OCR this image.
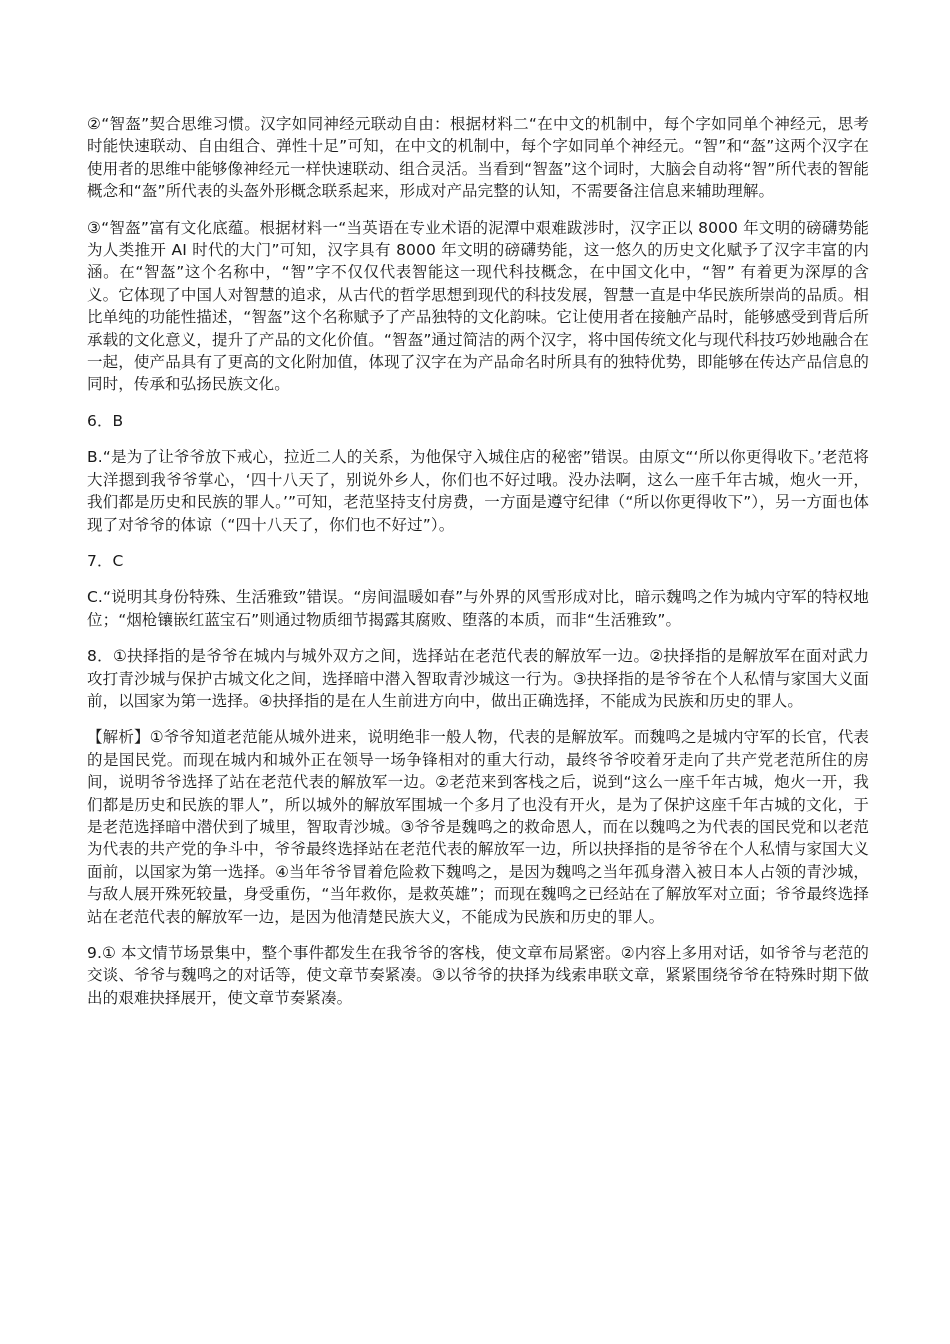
②“智盔”契合思维习惯。汉字如同神经元联动自由：根据材料二“在中文的机制中，每个字如同单个神经元，思考时能快速联动、自由组合、弹性十足”可知，在中文的机制中，每个字如同单个神经元。“智”和“盔”这两个汉字在使用者的思维中能够像神经元一样快速联动、组合灵活。当看到“智盔”这个词时，大脑会自动将“智”所代表的智能概念和“盔”所代表的头盔外形概念联系起来，形成对产品完整的认知，不需要备注信息来辅助理解。

③“智盔”富有文化底蕴。根据材料一“当英语在专业术语的泥潭中艰难跋涉时，汉字正以 8000 年文明的磅礴势能为人类推开 AI 时代的大门”可知，汉字具有 8000 年文明的磅礴势能，这一悠久的历史文化赋予了汉字丰富的内涵。在“智盔”这个名称中，“智”字不仅仅代表智能这一现代科技概念，在中国文化中，“智” 有着更为深厚的含义。它体现了中国人对智慧的追求，从古代的哲学思想到现代的科技发展，智慧一直是中华民族所崇尚的品质。相比单纯的功能性描述，“智盔”这个名称赋予了产品独特的文化韵味。它让使用者在接触产品时，能够感受到背后所承载的文化意义，提升了产品的文化价值。“智盔”通过简洁的两个汉字，将中国传统文化与现代科技巧妙地融合在一起，使产品具有了更高的文化附加值，体现了汉字在为产品命名时所具有的独特优势，即能够在传达产品信息的同时，传承和弘扬民族文化。

6．B

B.“是为了让爷爷放下戒心，拉近二人的关系，为他保守入城住店的秘密”错误。由原文“‘所以你更得收下。’老范将大洋摁到我爷爷掌心，‘四十八天了，别说外乡人，你们也不好过哦。没办法啊，这么一座千年古城，炮火一开，我们都是历史和民族的罪人。’”可知，老范坚持支付房费，一方面是遵守纪律（“所以你更得收下”），另一方面也体现了对爷爷的体谅（“四十八天了，你们也不好过”）。

7．C

C.“说明其身份特殊、生活雅致”错误。“房间温暖如春”与外界的风雪形成对比，暗示魏鸣之作为城内守军的特权地位；“烟枪镶嵌红蓝宝石”则通过物质细节揭露其腐败、堕落的本质，而非“生活雅致”。

8．①抉择指的是爷爷在城内与城外双方之间，选择站在老范代表的解放军一边。②抉择指的是解放军在面对武力攻打青沙城与保护古城文化之间，选择暗中潜入智取青沙城这一行为。③抉择指的是爷爷在个人私情与家国大义面前，以国家为第一选择。④抉择指的是在人生前进方向中，做出正确选择，不能成为民族和历史的罪人。

【解析】①爷爷知道老范能从城外进来，说明绝非一般人物，代表的是解放军。而魏鸣之是城内守军的长官，代表的是国民党。而现在城内和城外正在领导一场争锋相对的重大行动，最终爷爷咬着牙走向了共产党老范所住的房间，说明爷爷选择了站在老范代表的解放军一边。②老范来到客栈之后，说到“这么一座千年古城，炮火一开，我们都是历史和民族的罪人”，所以城外的解放军围城一个多月了也没有开火，是为了保护这座千年古城的文化，于是老范选择暗中潜伏到了城里，智取青沙城。③爷爷是魏鸣之的救命恩人，而在以魏鸣之为代表的国民党和以老范为代表的共产党的争斗中，爷爷最终选择站在老范代表的解放军一边，所以抉择指的是爷爷在个人私情与家国大义面前，以国家为第一选择。④当年爷爷冒着危险救下魏鸣之，是因为魏鸣之当年孤身潜入被日本人占领的青沙城，与敌人展开殊死较量，身受重伤，“当年救你，是救英雄”；而现在魏鸣之已经站在了解放军对立面；爷爷最终选择站在老范代表的解放军一边，是因为他清楚民族大义，不能成为民族和历史的罪人。

9.① 本文情节场景集中，整个事件都发生在我爷爷的客栈，使文章布局紧密。②内容上多用对话，如爷爷与老范的交谈、爷爷与魏鸣之的对话等，使文章节奏紧凑。③以爷爷的抉择为线索串联文章，紧紧围绕爷爷在特殊时期下做出的艰难抉择展开，使文章节奏紧凑。
